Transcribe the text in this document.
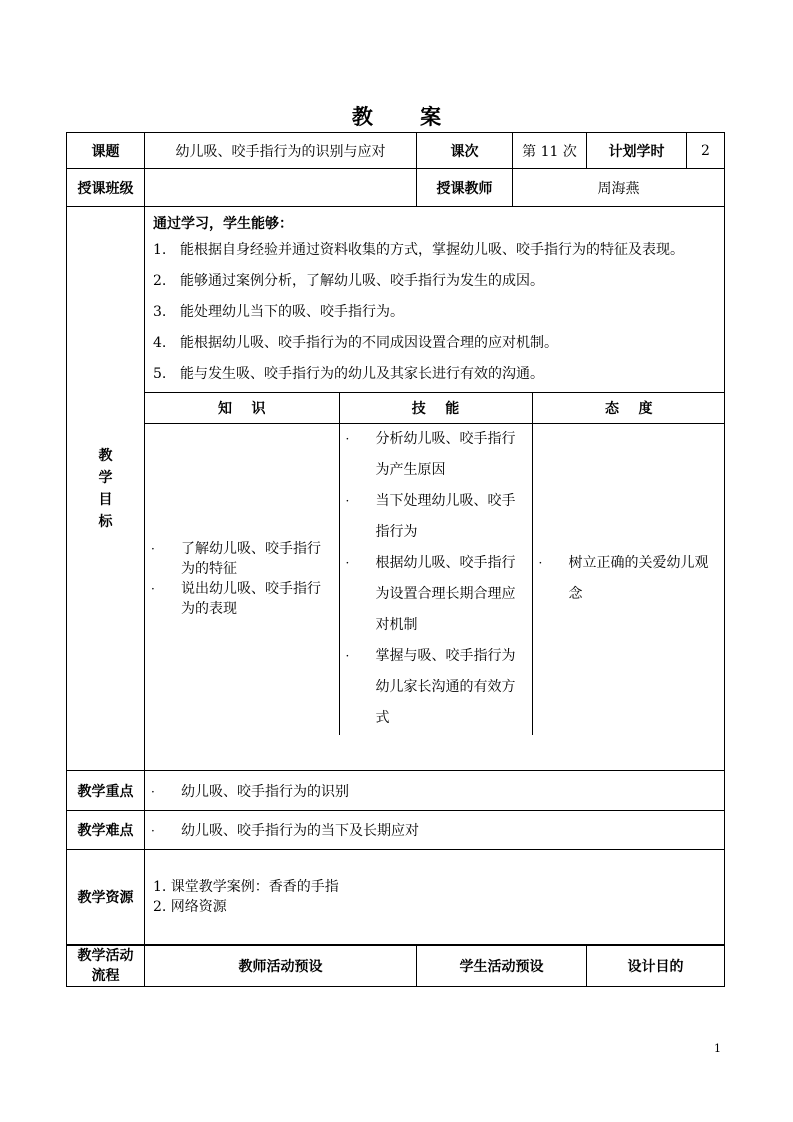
教 案
课题	幼儿吸、咬手指行为的识别与应对	课次	第 11 次	计划学时	2
授课班级		授课教师	周海燕

教
学
目
标

通过学习，学生能够：
1. 能根据自身经验并通过资料收集的方式，掌握幼儿吸、咬手指行为的特征及表现。
2. 能够通过案例分析，了解幼儿吸、咬手指行为发生的成因。
3. 能处理幼儿当下的吸、咬手指行为。
4. 能根据幼儿吸、咬手指行为的不同成因设置合理的应对机制。
5. 能与发生吸、咬手指行为的幼儿及其家长进行有效的沟通。
知    识	技    能	态    度

· 了解幼儿吸、咬手指行为的特征
· 说出幼儿吸、咬手指行为的表现

· 分析幼儿吸、咬手指行为产生原因
· 当下处理幼儿吸、咬手指行为
· 根据幼儿吸、咬手指行为设置合理长期合理应对机制
· 掌握与吸、咬手指行为幼儿家长沟通的有效方式

· 树立正确的关爱幼儿观念

教学重点	· 幼儿吸、咬手指行为的识别
教学难点	· 幼儿吸、咬手指行为的当下及长期应对
教学资源	
1. 课堂教学案例：香香的手指
2. 网络资源

教学活动
流程
	教师活动预设	学生活动预设	设计目的
1
